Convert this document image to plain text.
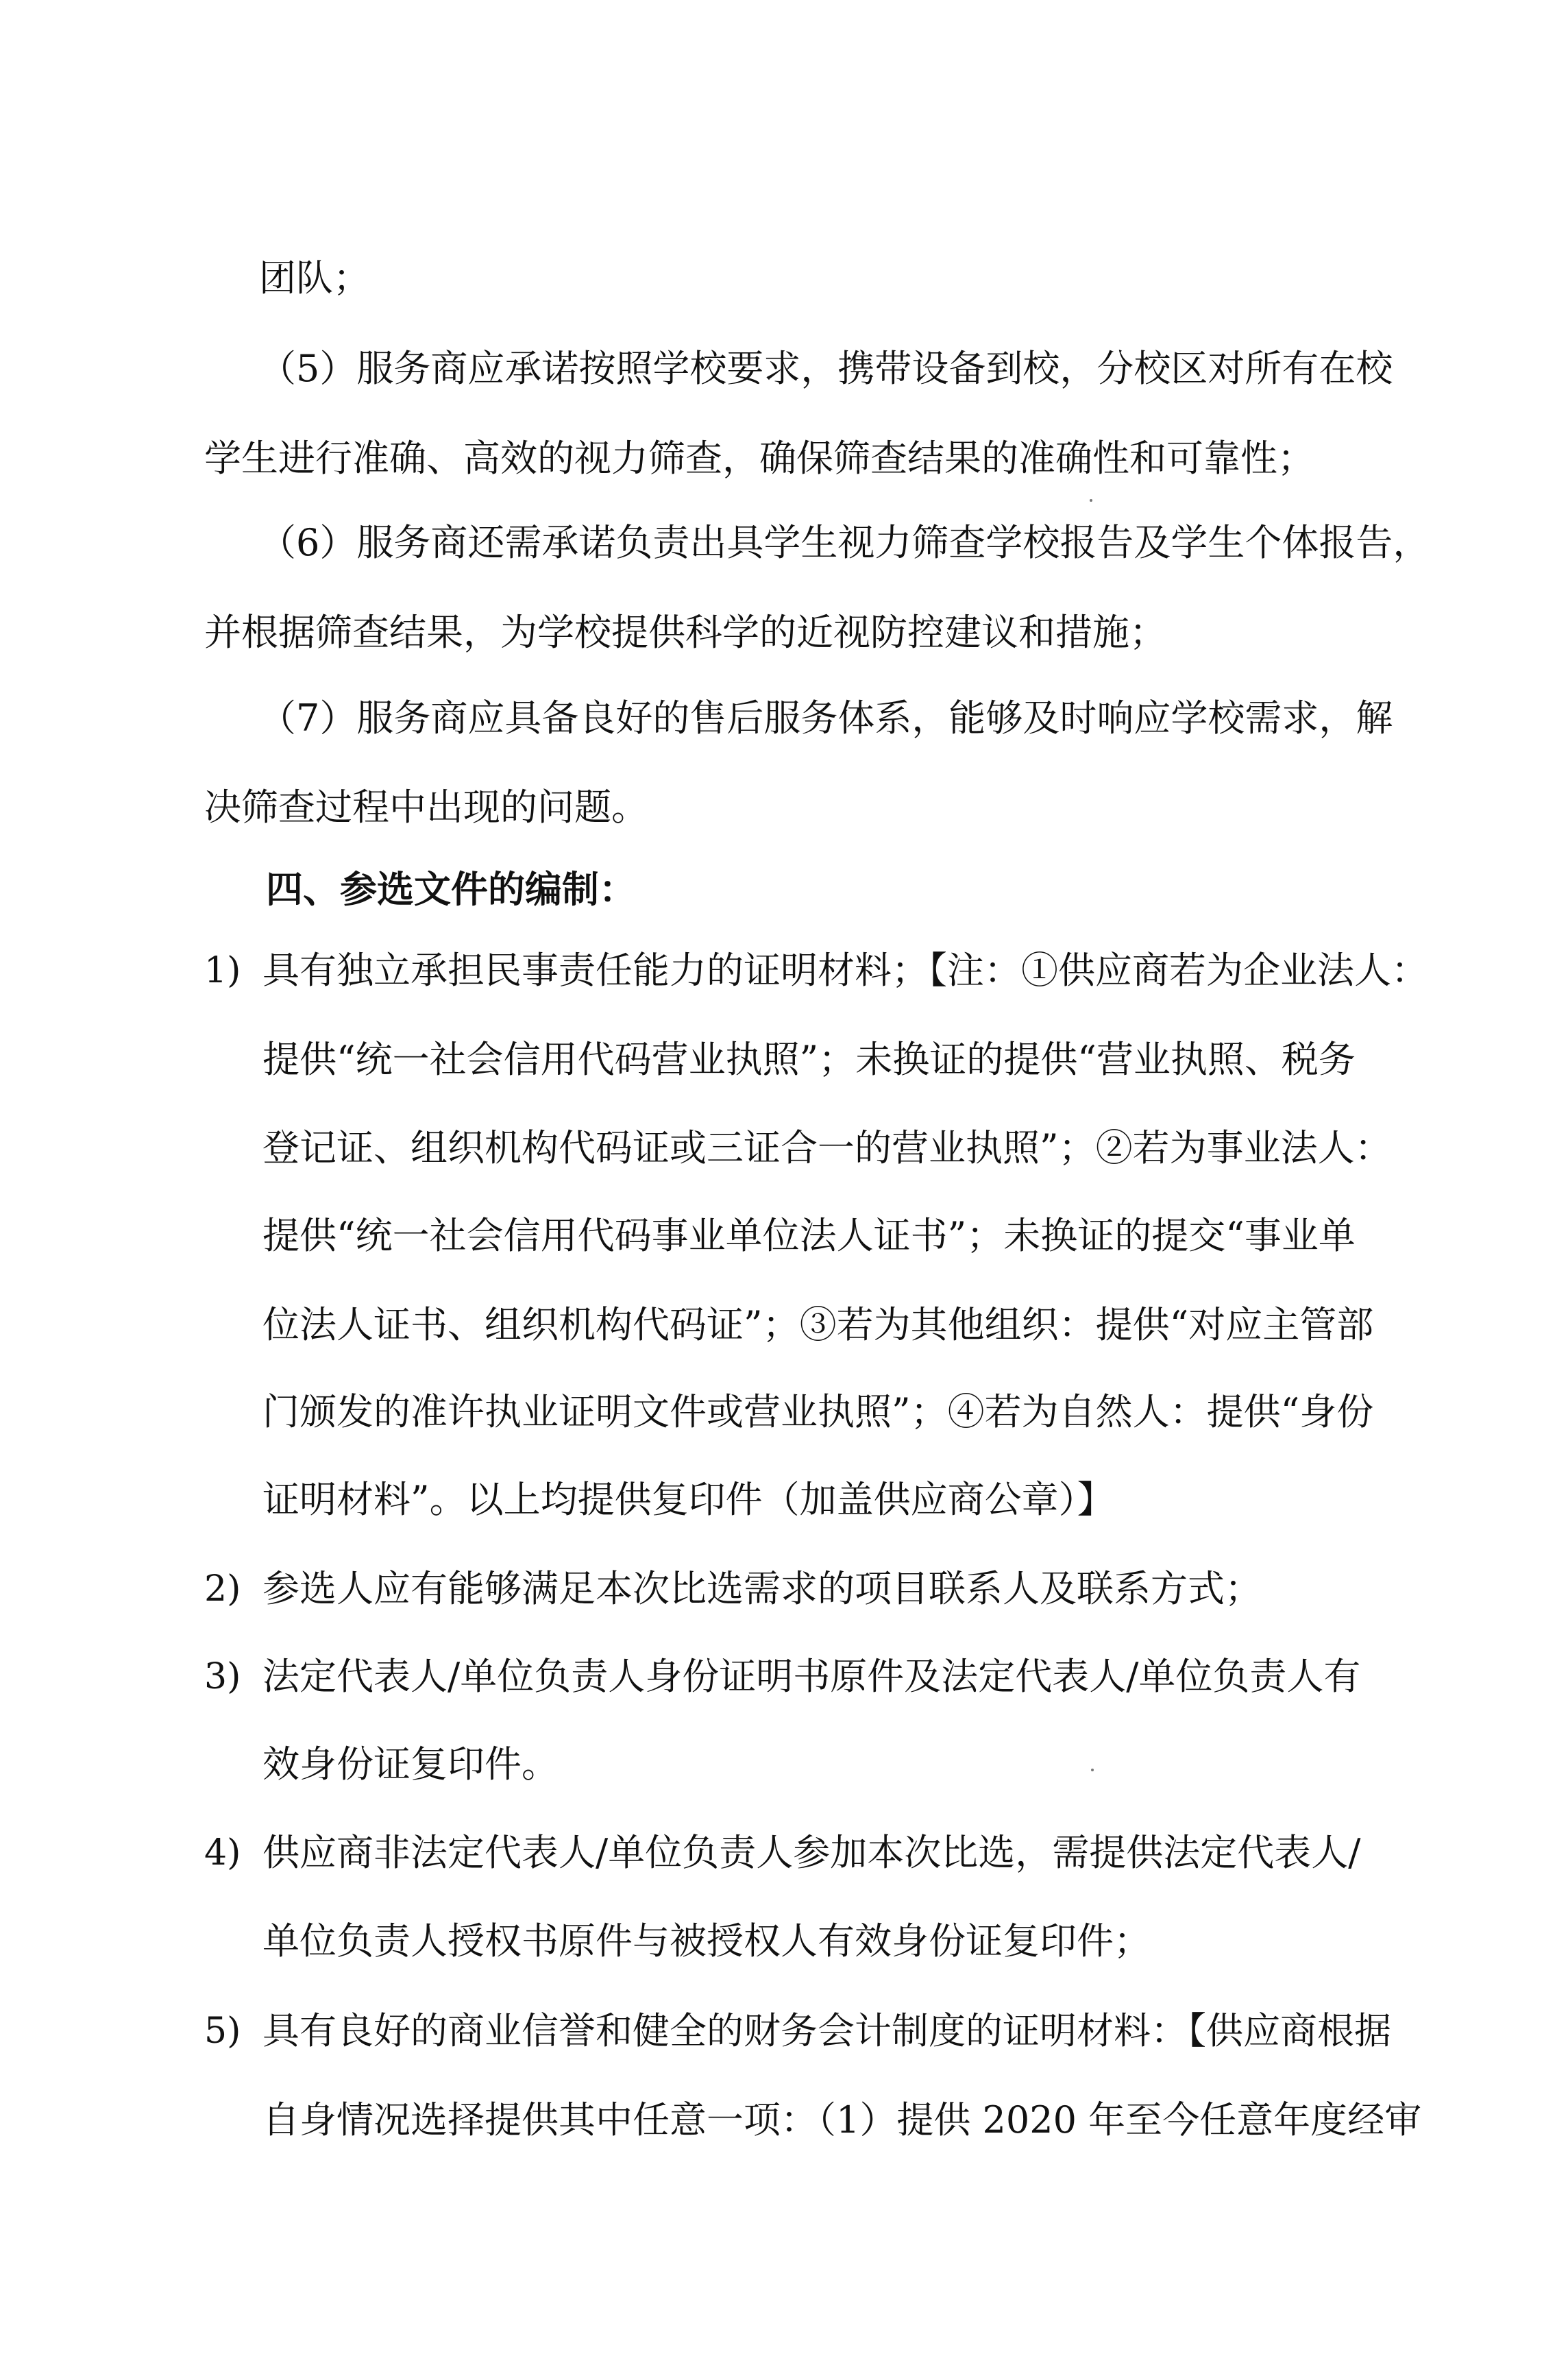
团队；
（5）服务商应承诺按照学校要求，携带设备到校，分校区对所有在校
学生进行准确、高效的视力筛查，确保筛查结果的准确性和可靠性；
（6）服务商还需承诺负责出具学生视力筛查学校报告及学生个体报告，
并根据筛查结果，为学校提供科学的近视防控建议和措施；
（7）服务商应具备良好的售后服务体系，能够及时响应学校需求，解
决筛查过程中出现的问题。
四、参选文件的编制：
1) 具有独立承担民事责任能力的证明材料；【注：①供应商若为企业法人：
提供“统一社会信用代码营业执照”；未换证的提供“营业执照、税务
登记证、组织机构代码证或三证合一的营业执照”；②若为事业法人：
提供“统一社会信用代码事业单位法人证书”；未换证的提交“事业单
位法人证书、组织机构代码证”；③若为其他组织：提供“对应主管部
门颁发的准许执业证明文件或营业执照”；④若为自然人：提供“身份
证明材料”。以上均提供复印件（加盖供应商公章）】
2) 参选人应有能够满足本次比选需求的项目联系人及联系方式；
3) 法定代表人/单位负责人身份证明书原件及法定代表人/单位负责人有
效身份证复印件。
4) 供应商非法定代表人/单位负责人参加本次比选，需提供法定代表人/
单位负责人授权书原件与被授权人有效身份证复印件；
5) 具有良好的商业信誉和健全的财务会计制度的证明材料：【供应商根据
自身情况选择提供其中任意一项：（1）提供 2020 年至今任意年度经审
